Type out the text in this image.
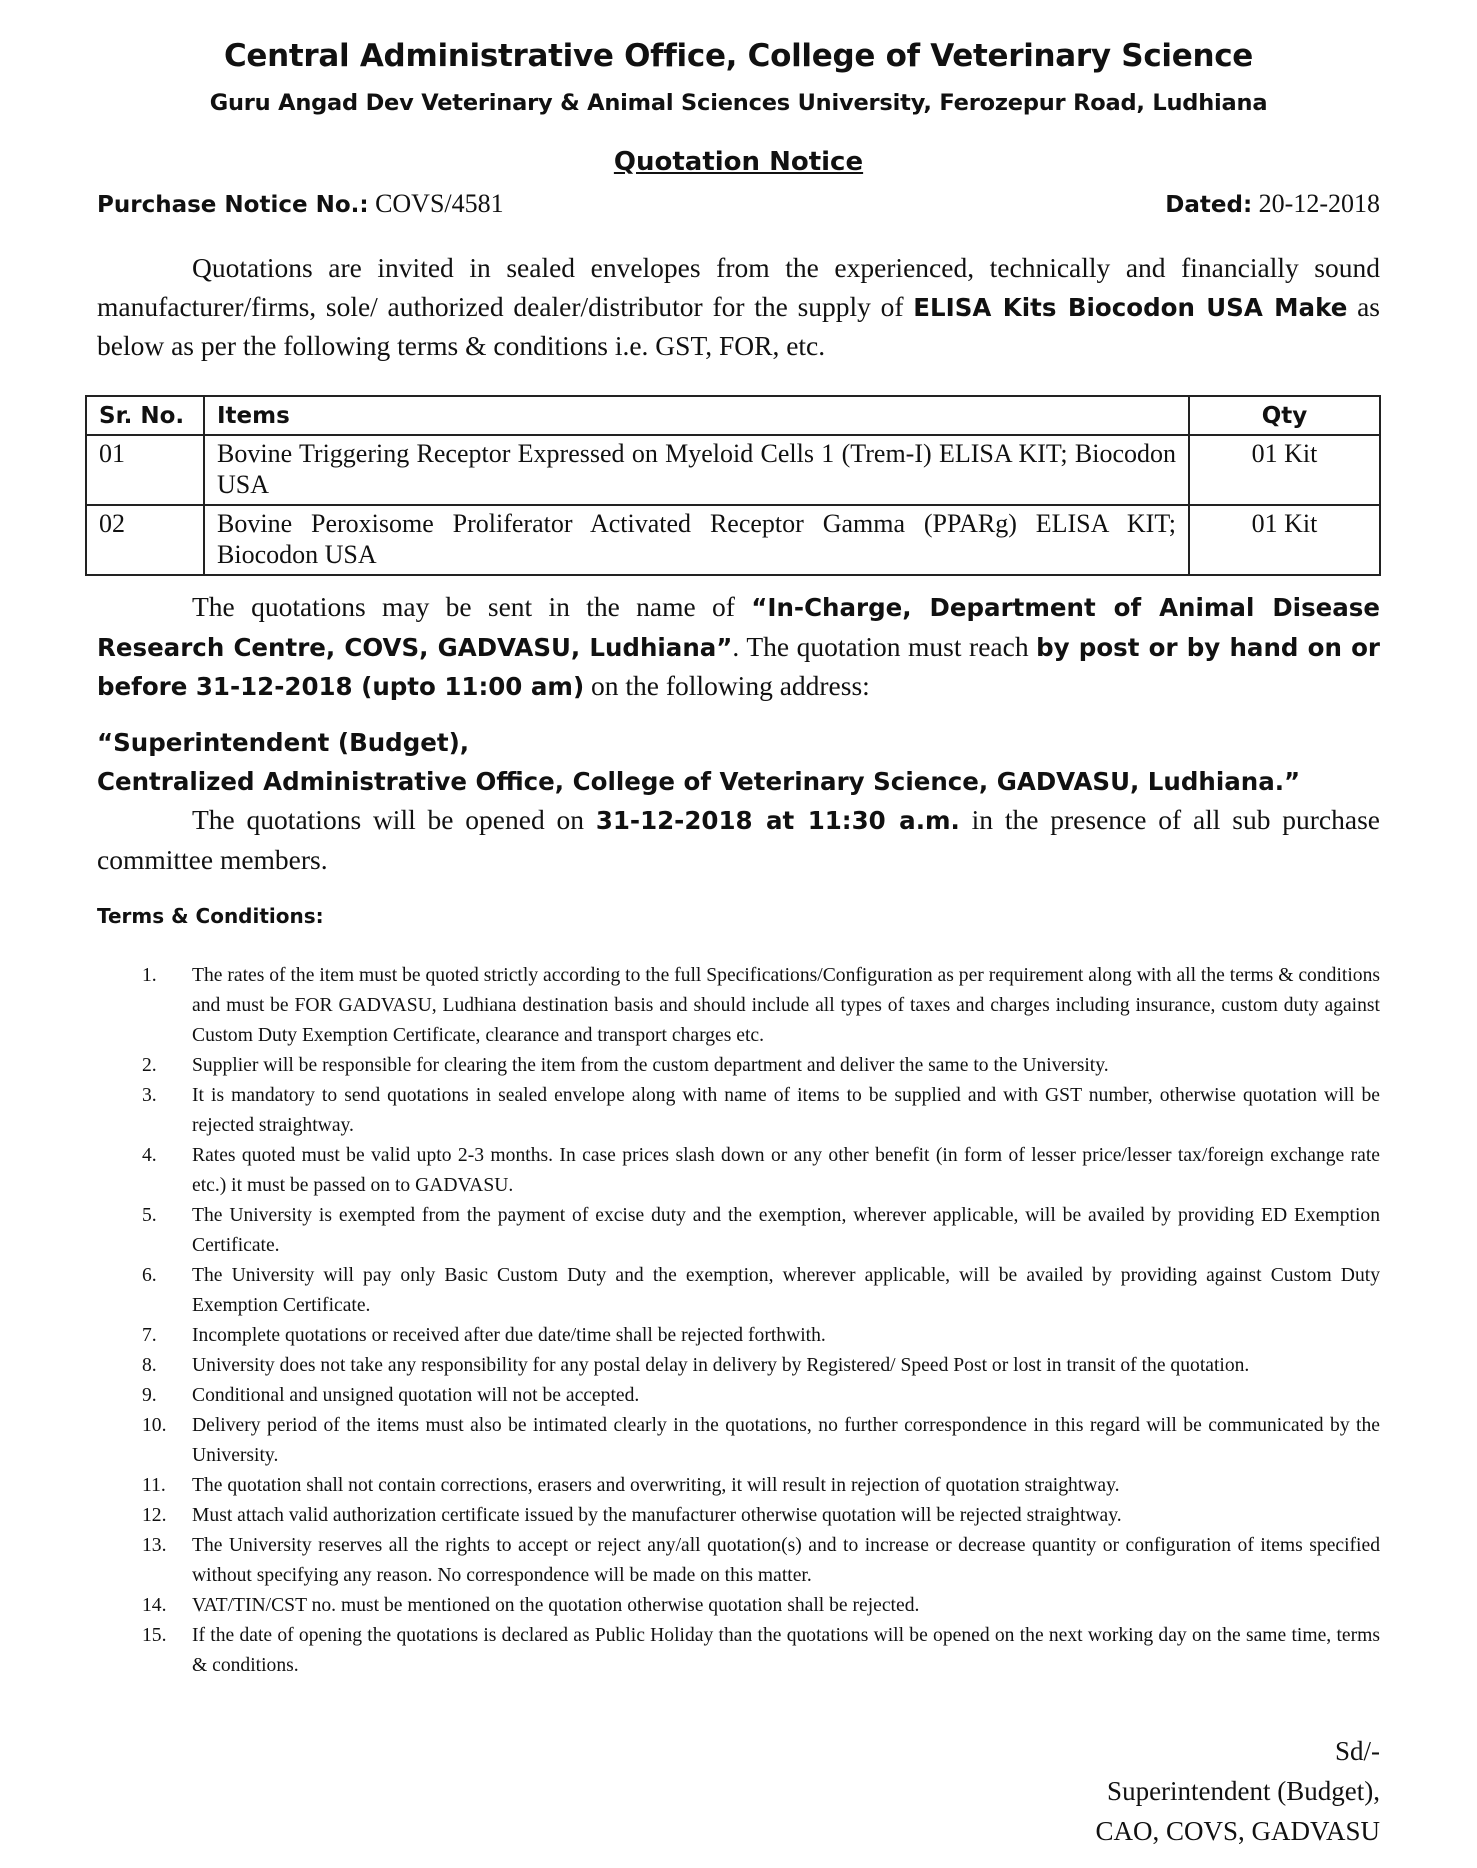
Central Administrative Office, College of Veterinary Science
Guru Angad Dev Veterinary & Animal Sciences University, Ferozepur Road, Ludhiana
Quotation Notice
Purchase Notice No.: COVS/4581	Dated: 20-12-2018
Quotations are invited in sealed envelopes from the experienced, technically and financially sound manufacturer/firms, sole/ authorized dealer/distributor for the supply of ELISA Kits Biocodon USA Make as below as per the following terms & conditions i.e. GST, FOR, etc.
Sr. No.	Items	Qty
01	Bovine Triggering Receptor Expressed on Myeloid Cells 1 (Trem-I) ELISA KIT; Biocodon USA	01 Kit
02	Bovine Peroxisome Proliferator Activated Receptor Gamma (PPARg) ELISA KIT; Biocodon USA	01 Kit
The quotations may be sent in the name of “In-Charge, Department of Animal Disease Research Centre, COVS, GADVASU, Ludhiana”. The quotation must reach by post or by hand on or before 31-12-2018 (upto 11:00 am) on the following address:
“Superintendent (Budget),
Centralized Administrative Office, College of Veterinary Science, GADVASU, Ludhiana.”
The quotations will be opened on 31-12-2018 at 11:30 a.m. in the presence of all sub purchase committee members.
Terms & Conditions:
1.	The rates of the item must be quoted strictly according to the full Specifications/Configuration as per requirement along with all the terms & conditions and must be FOR GADVASU, Ludhiana destination basis and should include all types of taxes and charges including insurance, custom duty against Custom Duty Exemption Certificate, clearance and transport charges etc.
2.	Supplier will be responsible for clearing the item from the custom department and deliver the same to the University.
3.	It is mandatory to send quotations in sealed envelope along with name of items to be supplied and with GST number, otherwise quotation will be rejected straightway.
4.	Rates quoted must be valid upto 2-3 months. In case prices slash down or any other benefit (in form of lesser price/lesser tax/foreign exchange rate etc.) it must be passed on to GADVASU.
5.	The University is exempted from the payment of excise duty and the exemption, wherever applicable, will be availed by providing ED Exemption Certificate.
6.	The University will pay only Basic Custom Duty and the exemption, wherever applicable, will be availed by providing against Custom Duty Exemption Certificate.
7.	Incomplete quotations or received after due date/time shall be rejected forthwith.
8.	University does not take any responsibility for any postal delay in delivery by Registered/ Speed Post or lost in transit of the quotation.
9.	Conditional and unsigned quotation will not be accepted.
10.	Delivery period of the items must also be intimated clearly in the quotations, no further correspondence in this regard will be communicated by the University.
11.	The quotation shall not contain corrections, erasers and overwriting, it will result in rejection of quotation straightway.
12.	Must attach valid authorization certificate issued by the manufacturer otherwise quotation will be rejected straightway.
13.	The University reserves all the rights to accept or reject any/all quotation(s) and to increase or decrease quantity or configuration of items specified without specifying any reason. No correspondence will be made on this matter.
14.	VAT/TIN/CST no. must be mentioned on the quotation otherwise quotation shall be rejected.
15.	If the date of opening the quotations is declared as Public Holiday than the quotations will be opened on the next working day on the same time, terms & conditions.
Sd/-
Superintendent (Budget),
CAO, COVS, GADVASU
